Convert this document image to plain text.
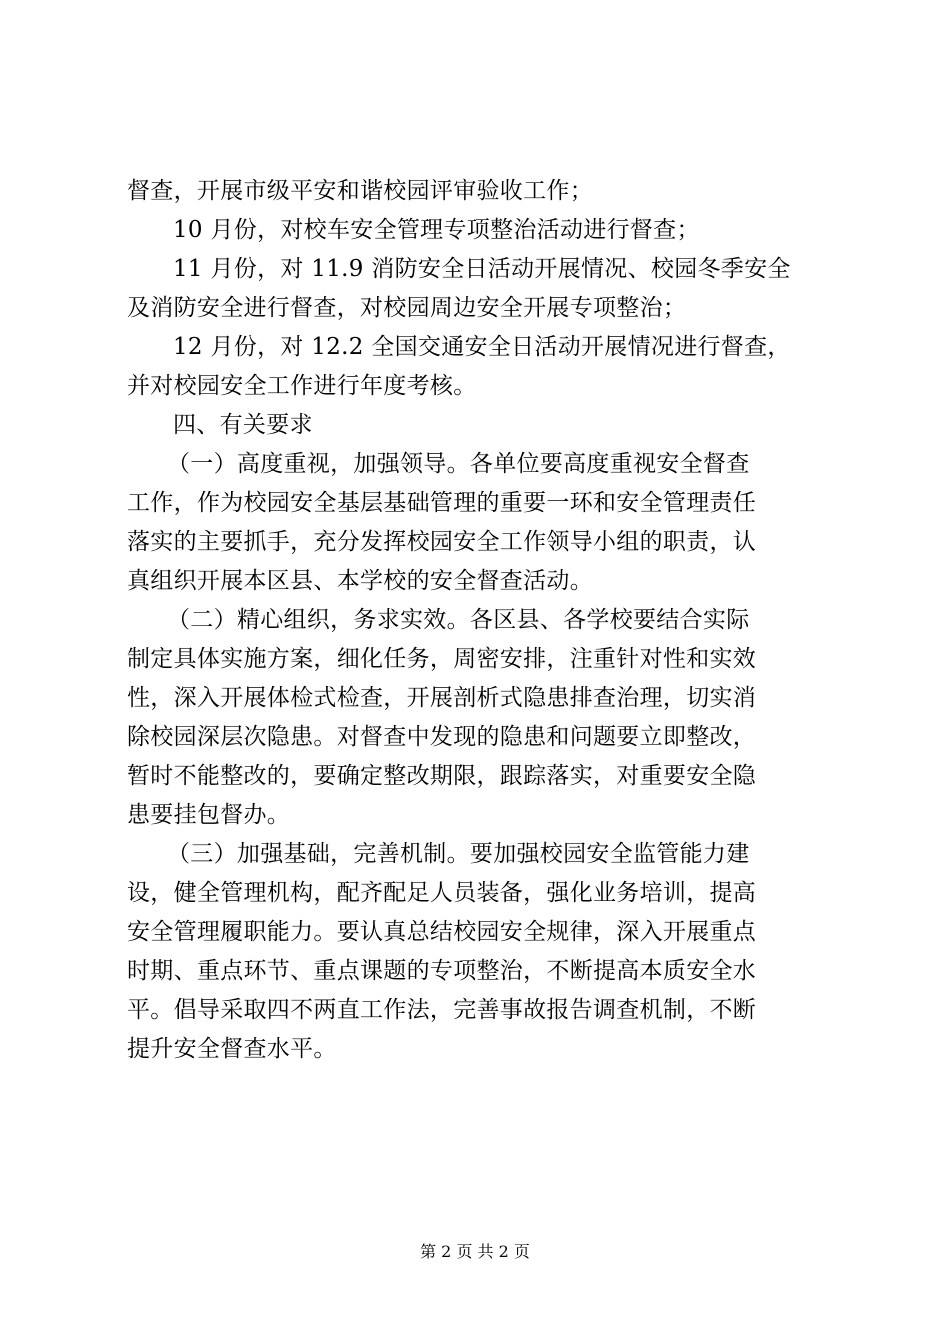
督查，开展市级平安和谐校园评审验收工作；
10 月份，对校车安全管理专项整治活动进行督查；
11 月份，对 11.9 消防安全日活动开展情况、校园冬季安全
及消防安全进行督查，对校园周边安全开展专项整治；
12 月份，对 12.2 全国交通安全日活动开展情况进行督查，
并对校园安全工作进行年度考核。
四、有关要求
（一）高度重视，加强领导。各单位要高度重视安全督查
工作，作为校园安全基层基础管理的重要一环和安全管理责任
落实的主要抓手，充分发挥校园安全工作领导小组的职责，认
真组织开展本区县、本学校的安全督查活动。
（二）精心组织，务求实效。各区县、各学校要结合实际
制定具体实施方案，细化任务，周密安排，注重针对性和实效
性，深入开展体检式检查，开展剖析式隐患排查治理，切实消
除校园深层次隐患。对督查中发现的隐患和问题要立即整改，
暂时不能整改的，要确定整改期限，跟踪落实，对重要安全隐
患要挂包督办。
（三）加强基础，完善机制。要加强校园安全监管能力建
设，健全管理机构，配齐配足人员装备，强化业务培训，提高
安全管理履职能力。要认真总结校园安全规律，深入开展重点
时期、重点环节、重点课题的专项整治，不断提高本质安全水
平。倡导采取四不两直工作法，完善事故报告调查机制，不断
提升安全督查水平。
第 2 页 共 2 页
